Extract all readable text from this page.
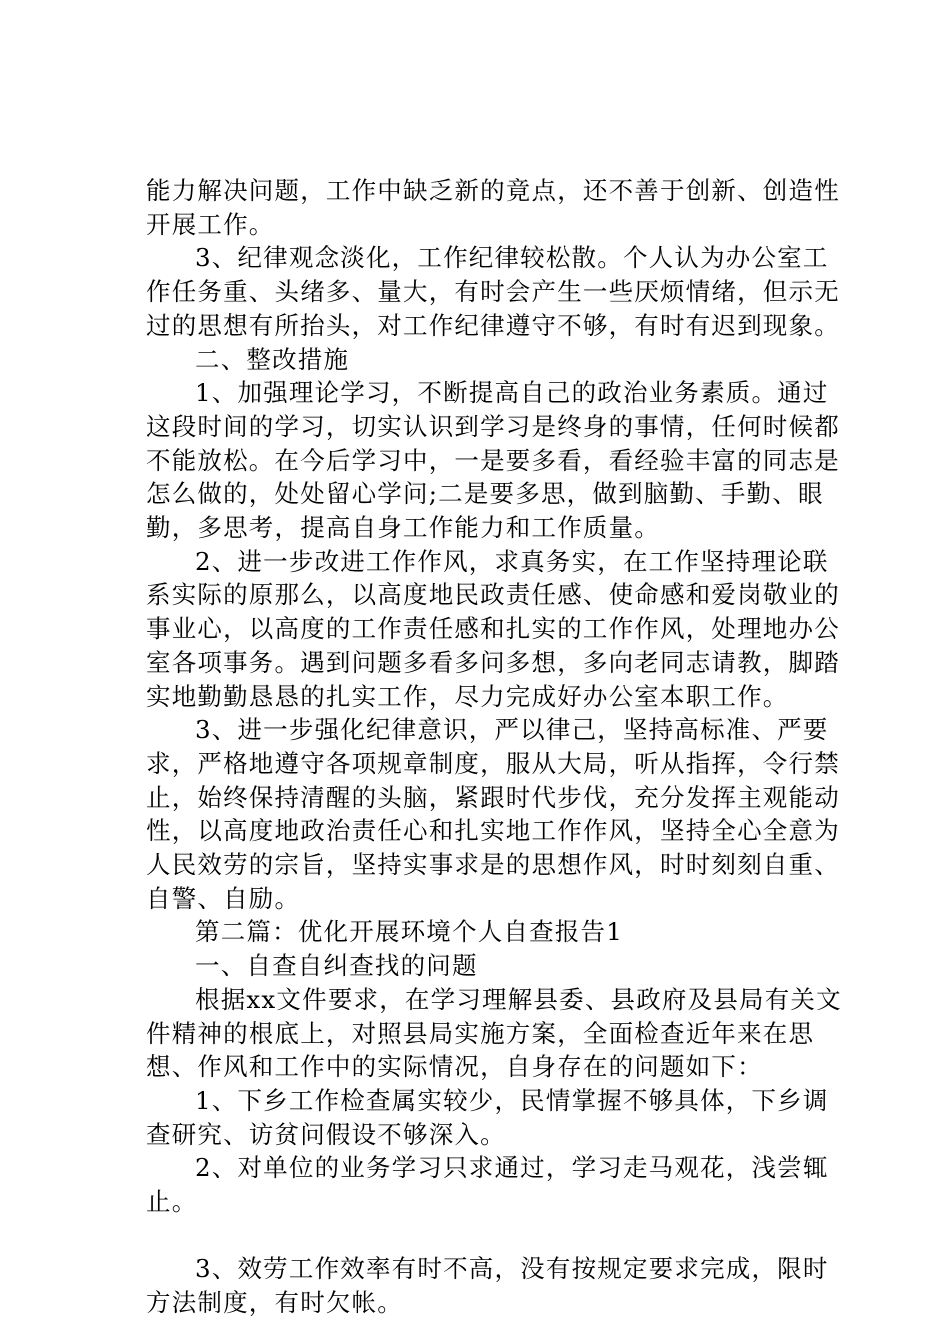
能力解决问题，工作中缺乏新的竟点，还不善于创新、创造性开展工作。

3、纪律观念淡化，工作纪律较松散。个人认为办公室工作任务重、头绪多、量大，有时会产生一些厌烦情绪，但示无过的思想有所抬头，对工作纪律遵守不够，有时有迟到现象。

二、整改措施

1、加强理论学习，不断提高自己的政治业务素质。通过这段时间的学习，切实认识到学习是终身的事情，任何时候都不能放松。在今后学习中，一是要多看，看经验丰富的同志是怎么做的，处处留心学问;二是要多思，做到脑勤、手勤、眼勤，多思考，提高自身工作能力和工作质量。

2、进一步改进工作作风，求真务实，在工作坚持理论联系实际的原那么，以高度地民政责任感、使命感和爱岗敬业的事业心，以高度的工作责任感和扎实的工作作风，处理地办公室各项事务。遇到问题多看多问多想，多向老同志请教，脚踏实地勤勤恳恳的扎实工作，尽力完成好办公室本职工作。

3、进一步强化纪律意识，严以律己，坚持高标准、严要求，严格地遵守各项规章制度，服从大局，听从指挥，令行禁止，始终保持清醒的头脑，紧跟时代步伐，充分发挥主观能动性，以高度地政治责任心和扎实地工作作风，坚持全心全意为人民效劳的宗旨，坚持实事求是的思想作风，时时刻刻自重、自警、自励。

第二篇：优化开展环境个人自查报告1

一、自查自纠查找的问题

根据xx文件要求，在学习理解县委、县政府及县局有关文件精神的根底上，对照县局实施方案，全面检查近年来在思想、作风和工作中的实际情况，自身存在的问题如下：

1、下乡工作检查属实较少，民情掌握不够具体，下乡调查研究、访贫问假设不够深入。

2、对单位的业务学习只求通过，学习走马观花，浅尝辄止。

3、效劳工作效率有时不高，没有按规定要求完成，限时方法制度，有时欠帐。
